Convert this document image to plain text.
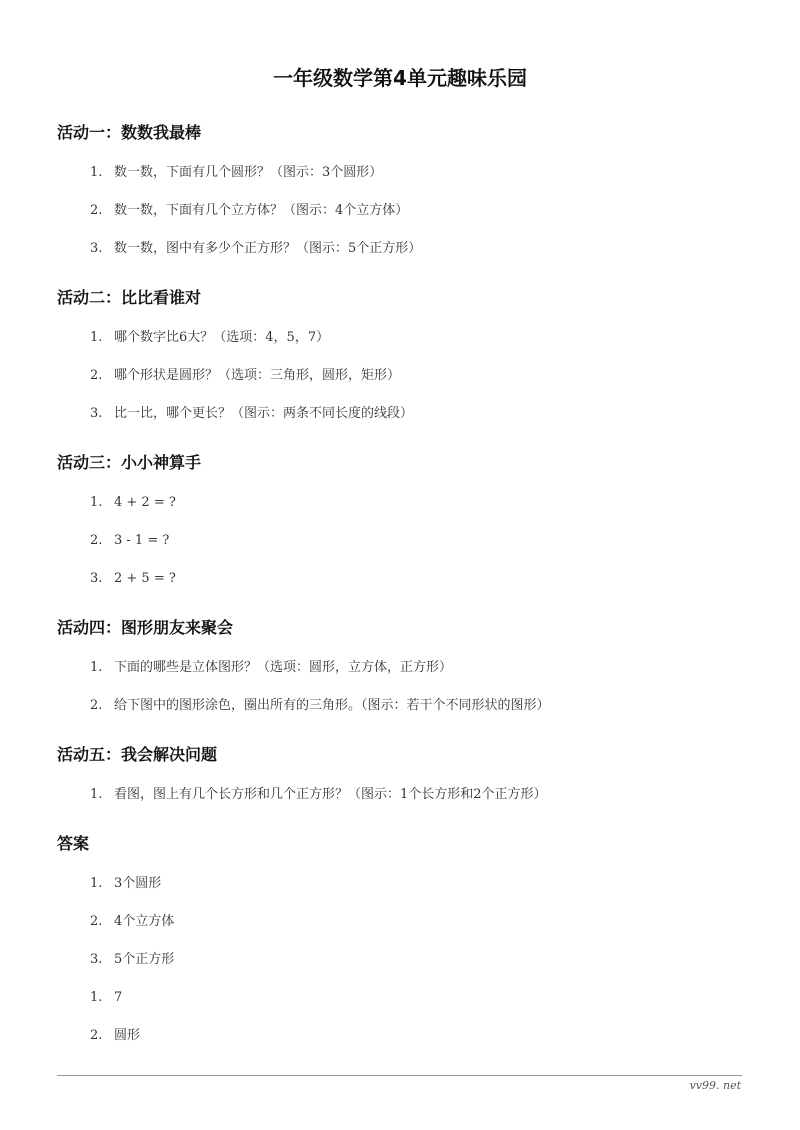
vv99.net
一年级数学第4单元趣味乐园
活动一：数数我最棒
1. 数一数，下面有几个圆形？（图示：3个圆形）
2. 数一数，下面有几个立方体？（图示：4个立方体）
3. 数一数，图中有多少个正方形？（图示：5个正方形）
活动二：比比看谁对
1. 哪个数字比6大？（选项：4，5，7）
2. 哪个形状是圆形？（选项：三角形，圆形，矩形）
3. 比一比，哪个更长？（图示：两条不同长度的线段）
活动三：小小神算手
1. 4 + 2 = ?
2. 3 - 1 = ?
3. 2 + 5 = ?
活动四：图形朋友来聚会
1. 下面的哪些是立体图形？（选项：圆形，立方体，正方形）
2. 给下图中的图形涂色，圈出所有的三角形。（图示：若干个不同形状的图形）
活动五：我会解决问题
1. 看图，图上有几个长方形和几个正方形？（图示：1个长方形和2个正方形）
答案
1. 3个圆形
2. 4个立方体
3. 5个正方形
1. 7
2. 圆形
vv99. net
